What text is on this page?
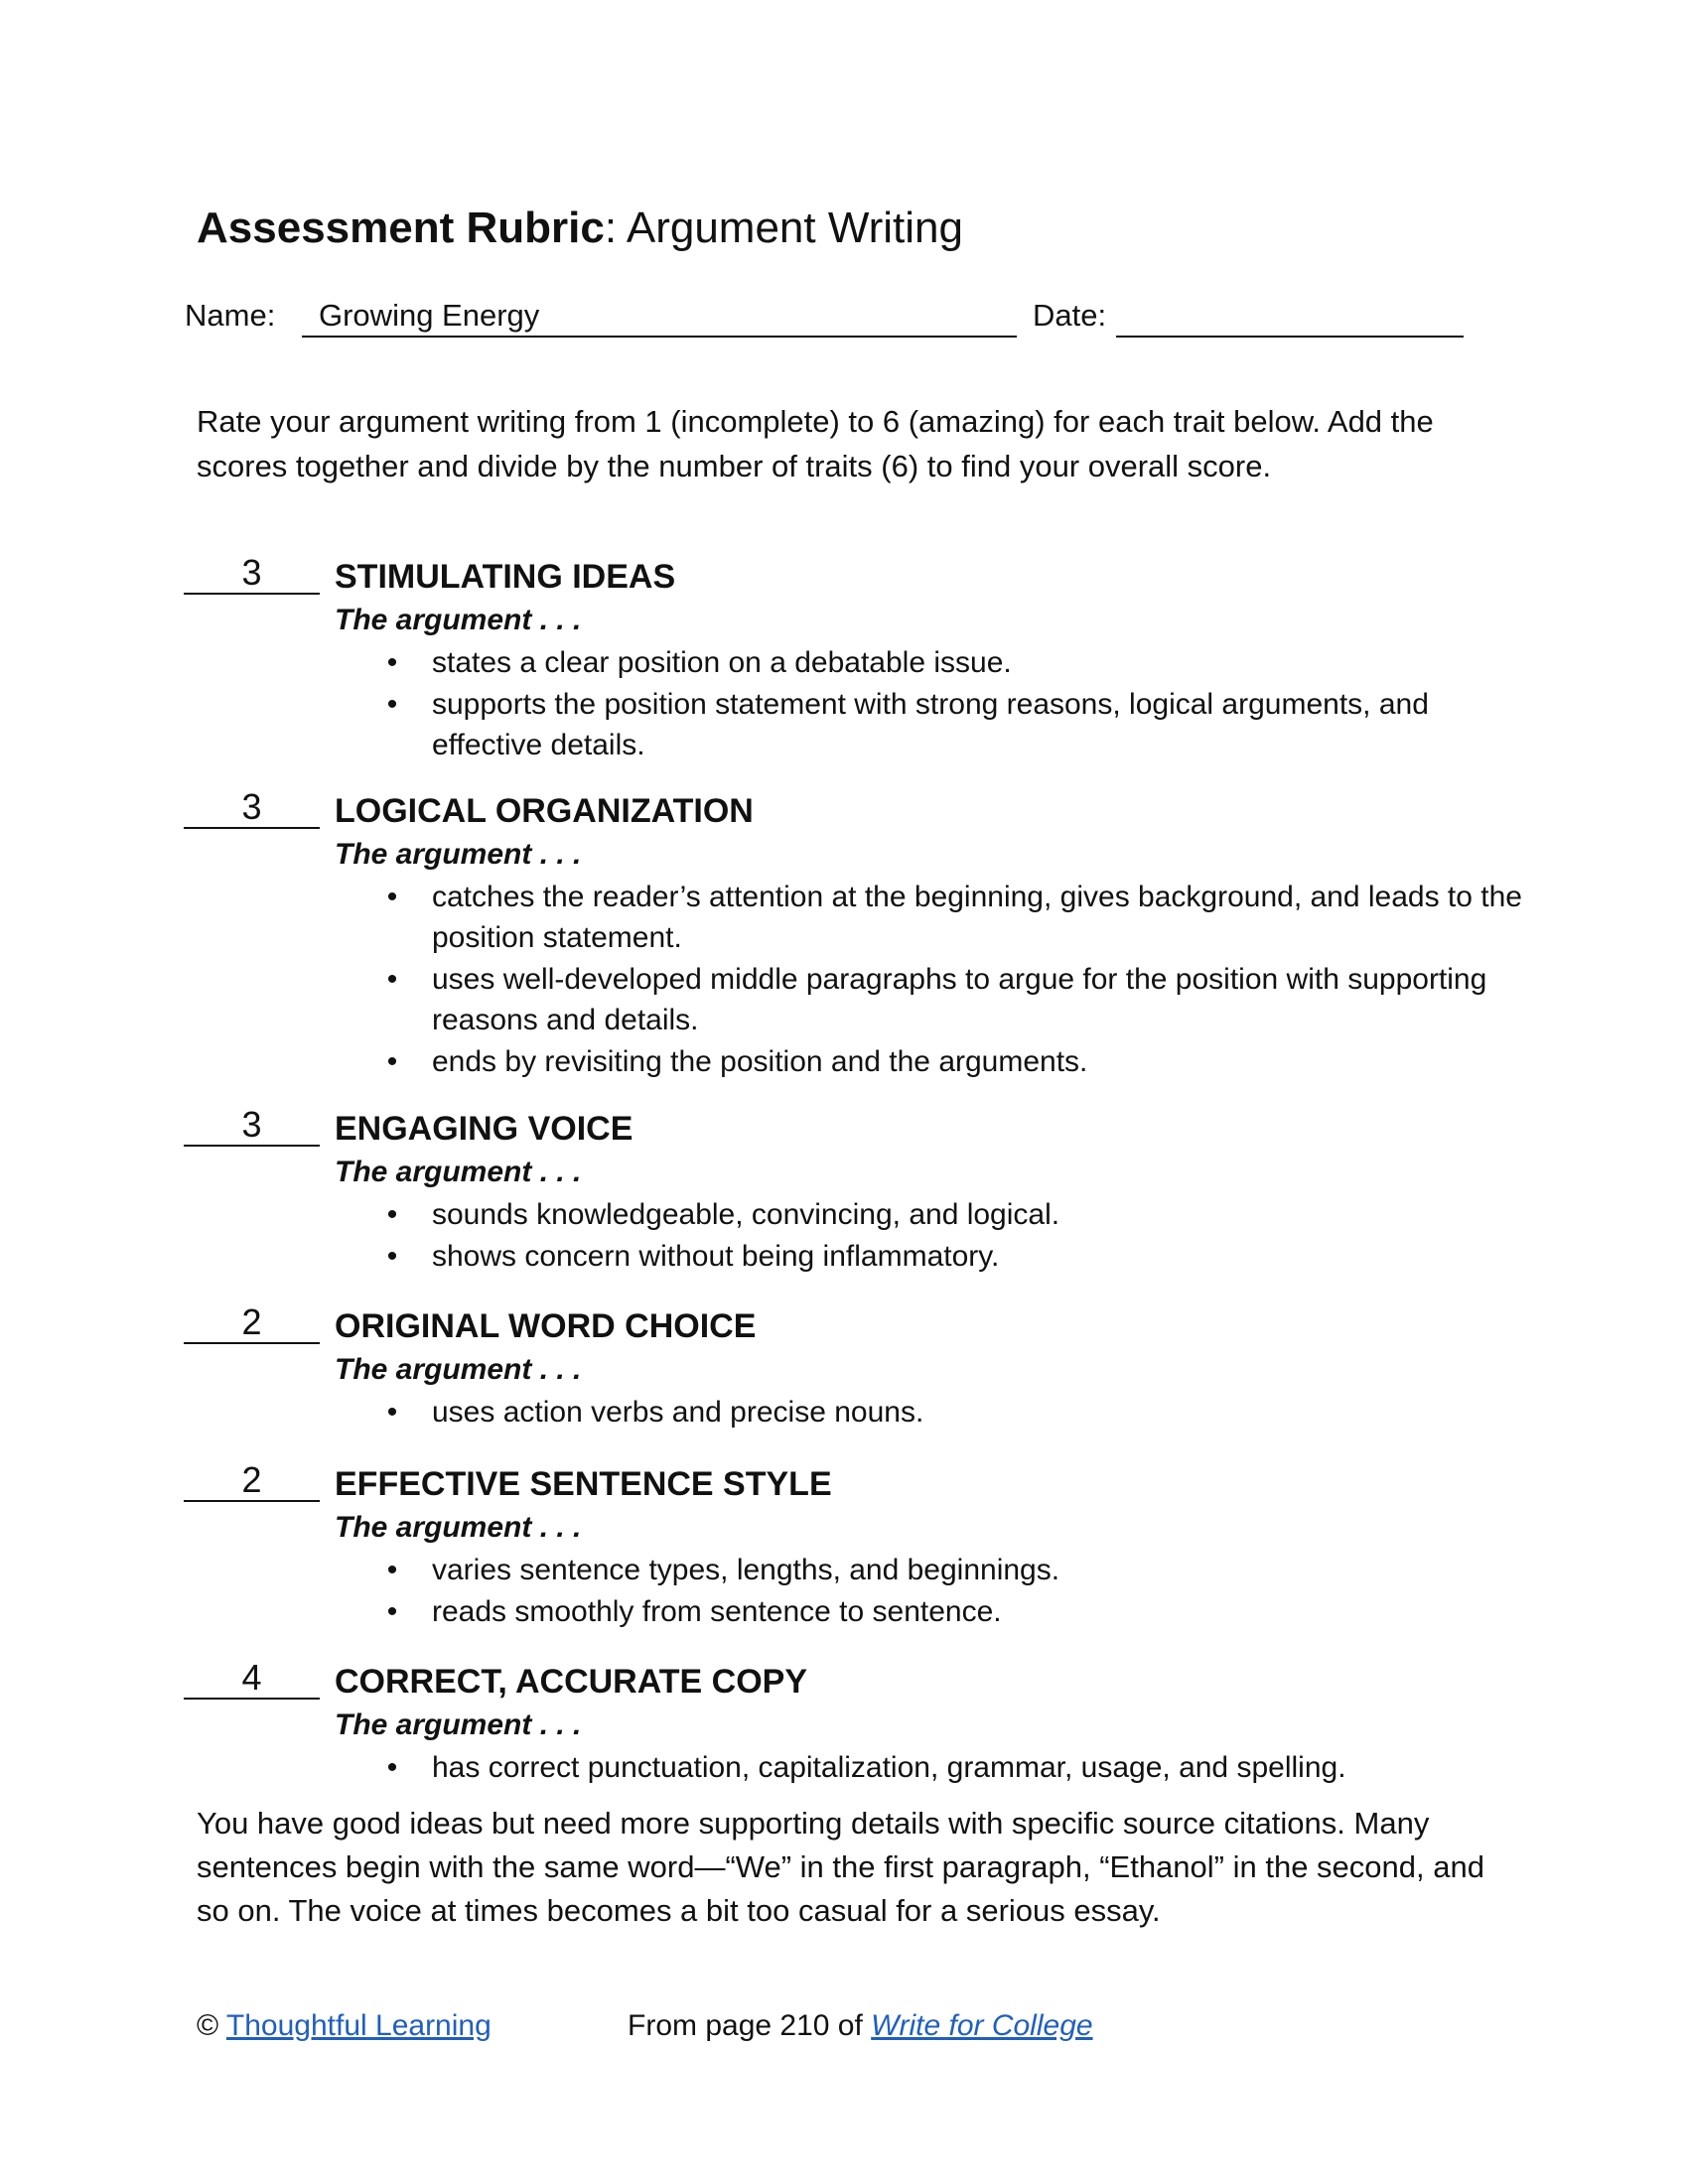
Assessment Rubric: Argument Writing
Name: Growing Energy	Date:
Rate your argument writing from 1 (incomplete) to 6 (amazing) for each trait below. Add the scores together and divide by the number of traits (6) to find your overall score.
3	STIMULATING IDEAS
The argument . . .
• states a clear position on a debatable issue.
• supports the position statement with strong reasons, logical arguments, and effective details.
3	LOGICAL ORGANIZATION
The argument . . .
• catches the reader’s attention at the beginning, gives background, and leads to the position statement.
• uses well-developed middle paragraphs to argue for the position with supporting reasons and details.
• ends by revisiting the position and the arguments.
3	ENGAGING VOICE
The argument . . .
• sounds knowledgeable, convincing, and logical.
• shows concern without being inflammatory.
2	ORIGINAL WORD CHOICE
The argument . . .
• uses action verbs and precise nouns.
2	EFFECTIVE SENTENCE STYLE
The argument . . .
• varies sentence types, lengths, and beginnings.
• reads smoothly from sentence to sentence.
4	CORRECT, ACCURATE COPY
The argument . . .
• has correct punctuation, capitalization, grammar, usage, and spelling.
You have good ideas but need more supporting details with specific source citations. Many sentences begin with the same word—“We” in the first paragraph, “Ethanol” in the second, and so on. The voice at times becomes a bit too casual for a serious essay.
© Thoughtful Learning	From page 210 of Write for College
